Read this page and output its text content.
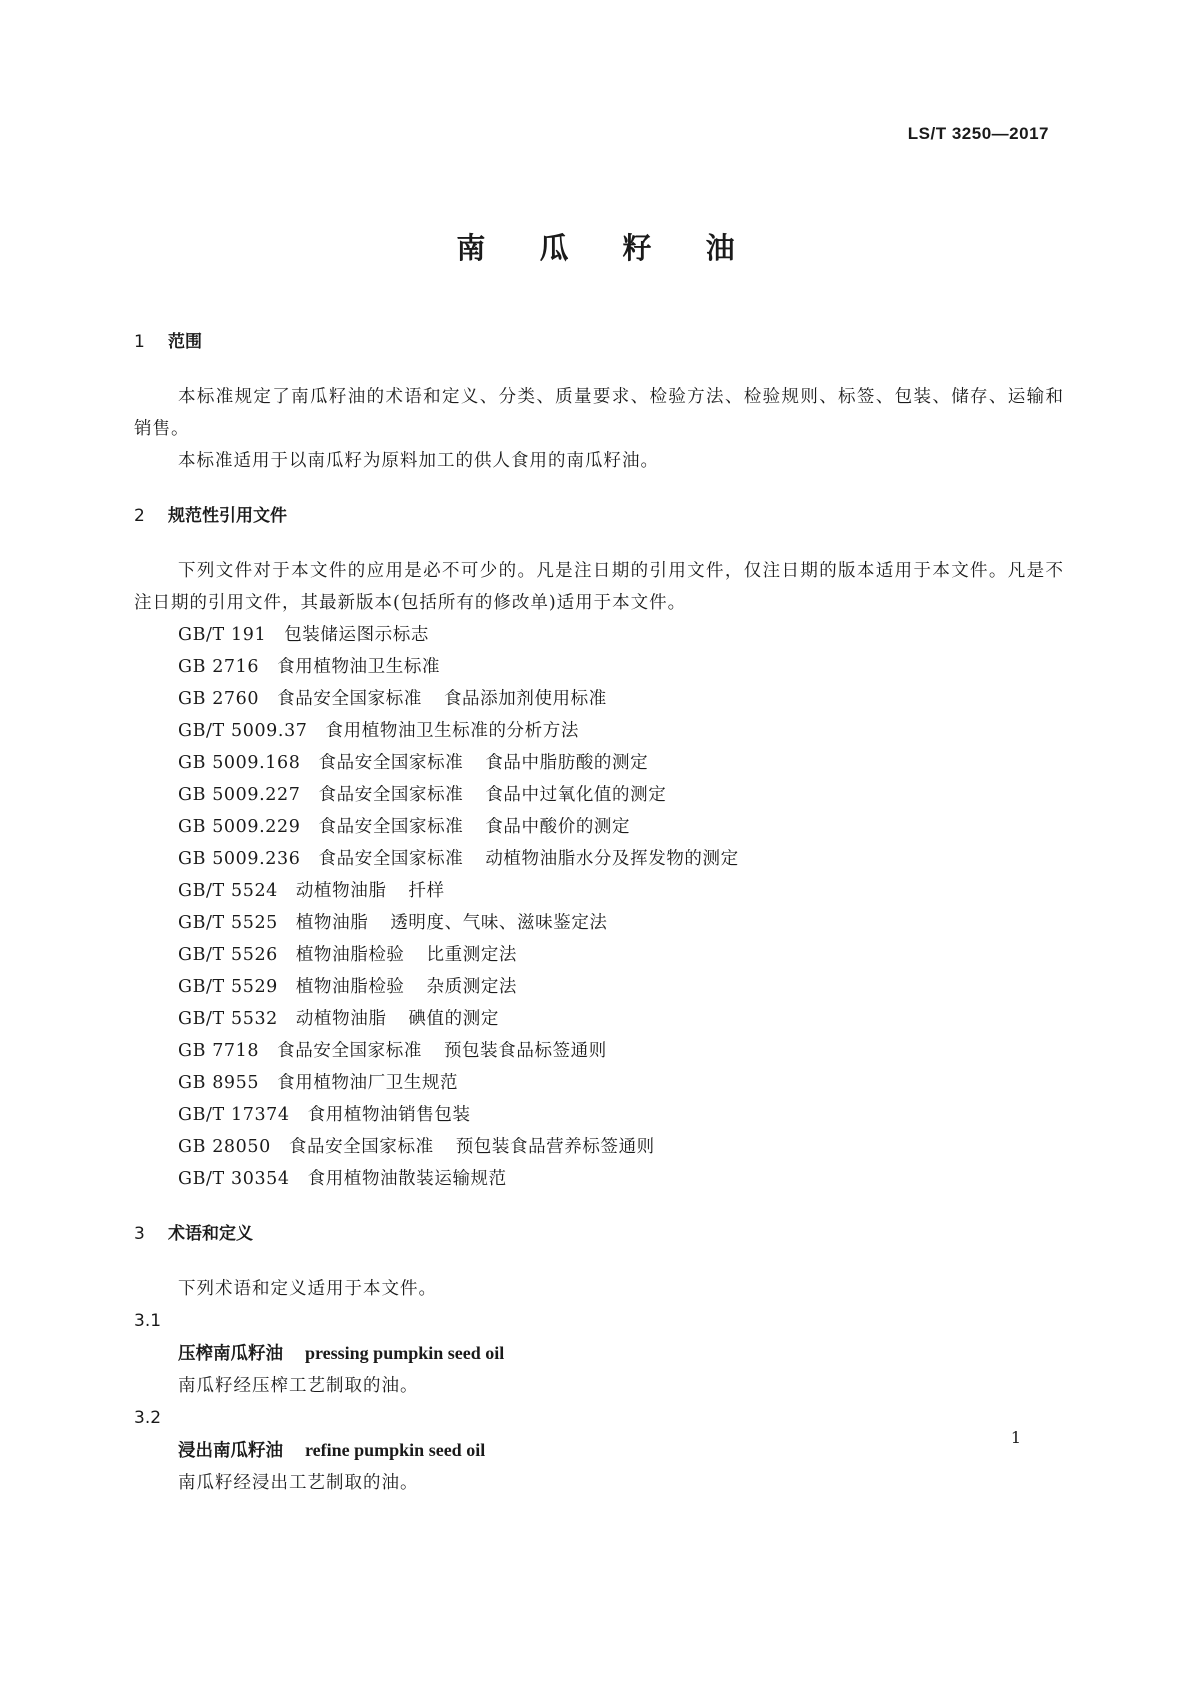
LS/T 3250—2017
南 瓜 籽 油
1 范围
本标准规定了南瓜籽油的术语和定义、分类、质量要求、检验方法、检验规则、标签、包装、储存、运输和销售。
本标准适用于以南瓜籽为原料加工的供人食用的南瓜籽油。
2 规范性引用文件
下列文件对于本文件的应用是必不可少的。凡是注日期的引用文件，仅注日期的版本适用于本文件。凡是不注日期的引用文件，其最新版本(包括所有的修改单)适用于本文件。
GB/T 191 包装储运图示标志
GB 2716 食用植物油卫生标准
GB 2760 食品安全国家标准 食品添加剂使用标准
GB/T 5009.37 食用植物油卫生标准的分析方法
GB 5009.168 食品安全国家标准 食品中脂肪酸的测定
GB 5009.227 食品安全国家标准 食品中过氧化值的测定
GB 5009.229 食品安全国家标准 食品中酸价的测定
GB 5009.236 食品安全国家标准 动植物油脂水分及挥发物的测定
GB/T 5524 动植物油脂 扦样
GB/T 5525 植物油脂 透明度、气味、滋味鉴定法
GB/T 5526 植物油脂检验 比重测定法
GB/T 5529 植物油脂检验 杂质测定法
GB/T 5532 动植物油脂 碘值的测定
GB 7718 食品安全国家标准 预包装食品标签通则
GB 8955 食用植物油厂卫生规范
GB/T 17374 食用植物油销售包装
GB 28050 食品安全国家标准 预包装食品营养标签通则
GB/T 30354 食用植物油散装运输规范
3 术语和定义
下列术语和定义适用于本文件。
3.1
压榨南瓜籽油 pressing pumpkin seed oil
南瓜籽经压榨工艺制取的油。
3.2
浸出南瓜籽油 refine pumpkin seed oil
南瓜籽经浸出工艺制取的油。
1
